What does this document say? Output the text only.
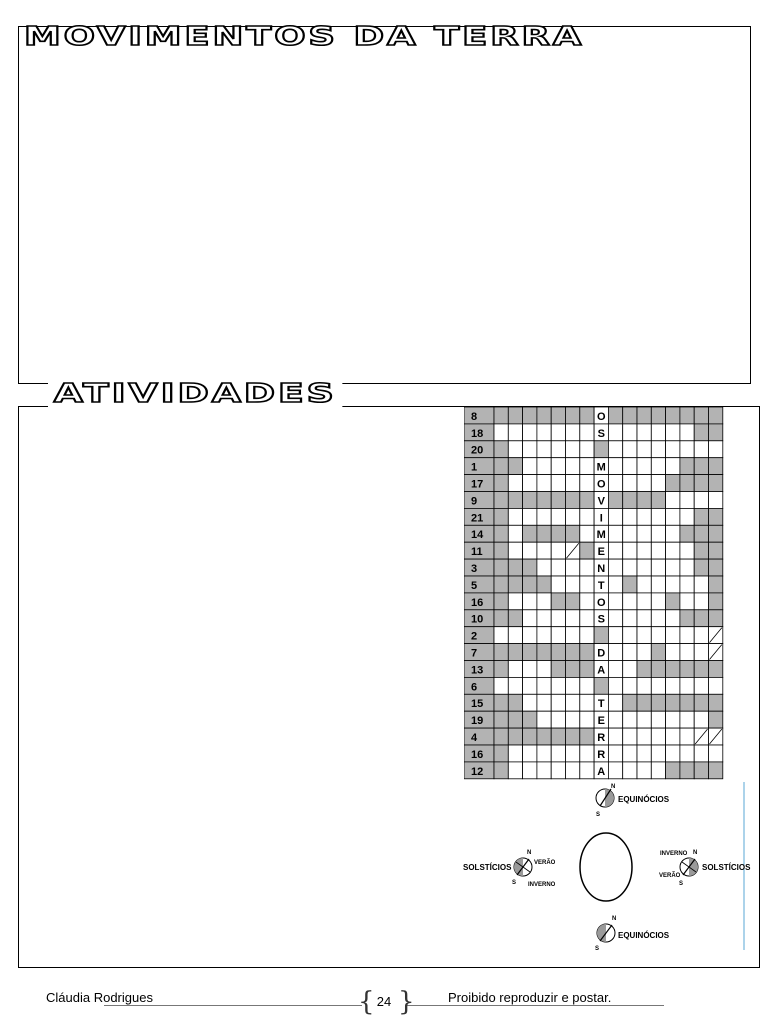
MOVIMENTOS DA TERRA
ATIVIDADES
8	O
18	S
20
1	M
17	O
9	V
21	I
14	M
11	E
3	N
5	T
16	O
10	S
2
7	D
13	A
6
15	T
19	E
4	R
16	R
12	A
N
S
EQUINÓCIOS
N
S
EQUINÓCIOS
N
S
SOLSTÍCIOS	VERÃO
INVERNO
N
S
INVERNO
VERÃO
SOLSTÍCIOS
Cláudia Rodrigues	{ 24 }	Proibido reproduzir e postar.
